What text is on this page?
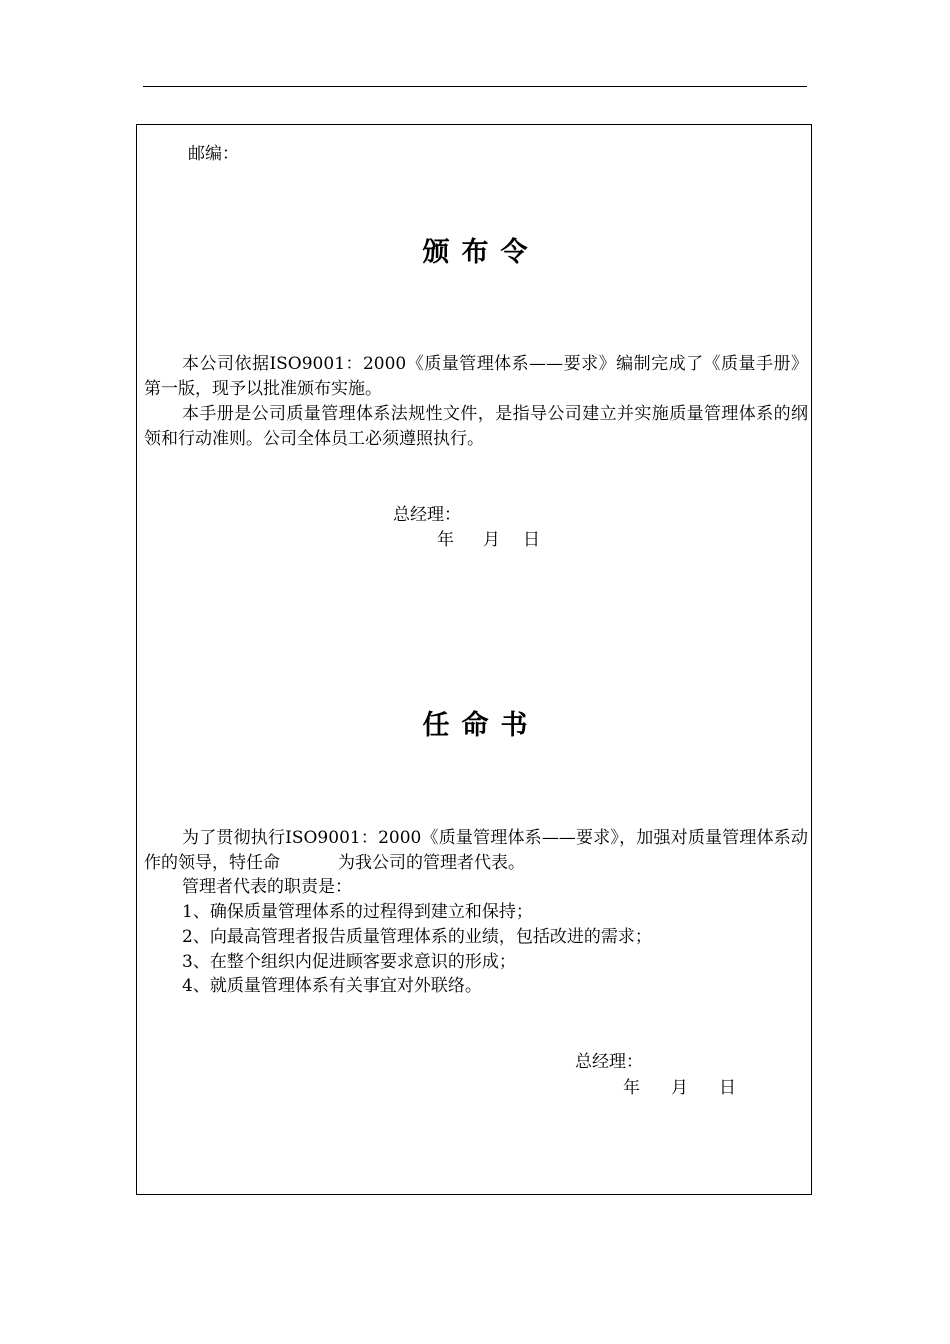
邮编：
颁布令
本公司依据ISO9001：2000《质量管理体系——要求》编制完成了《质量手册》第一版，现予以批准颁布实施。
本手册是公司质量管理体系法规性文件，是指导公司建立并实施质量管理体系的纲领和行动准则。公司全体员工必须遵照执行。
总经理：
年 月 日
任命书
为了贯彻执行ISO9001：2000《质量管理体系——要求》，加强对质量管理体系动作的领导，特任命	为我公司的管理者代表。
管理者代表的职责是：
1、确保质量管理体系的过程得到建立和保持；
2、向最高管理者报告质量管理体系的业绩，包括改进的需求；
3、在整个组织内促进顾客要求意识的形成；
4、就质量管理体系有关事宜对外联络。
总经理：
年 月 日
